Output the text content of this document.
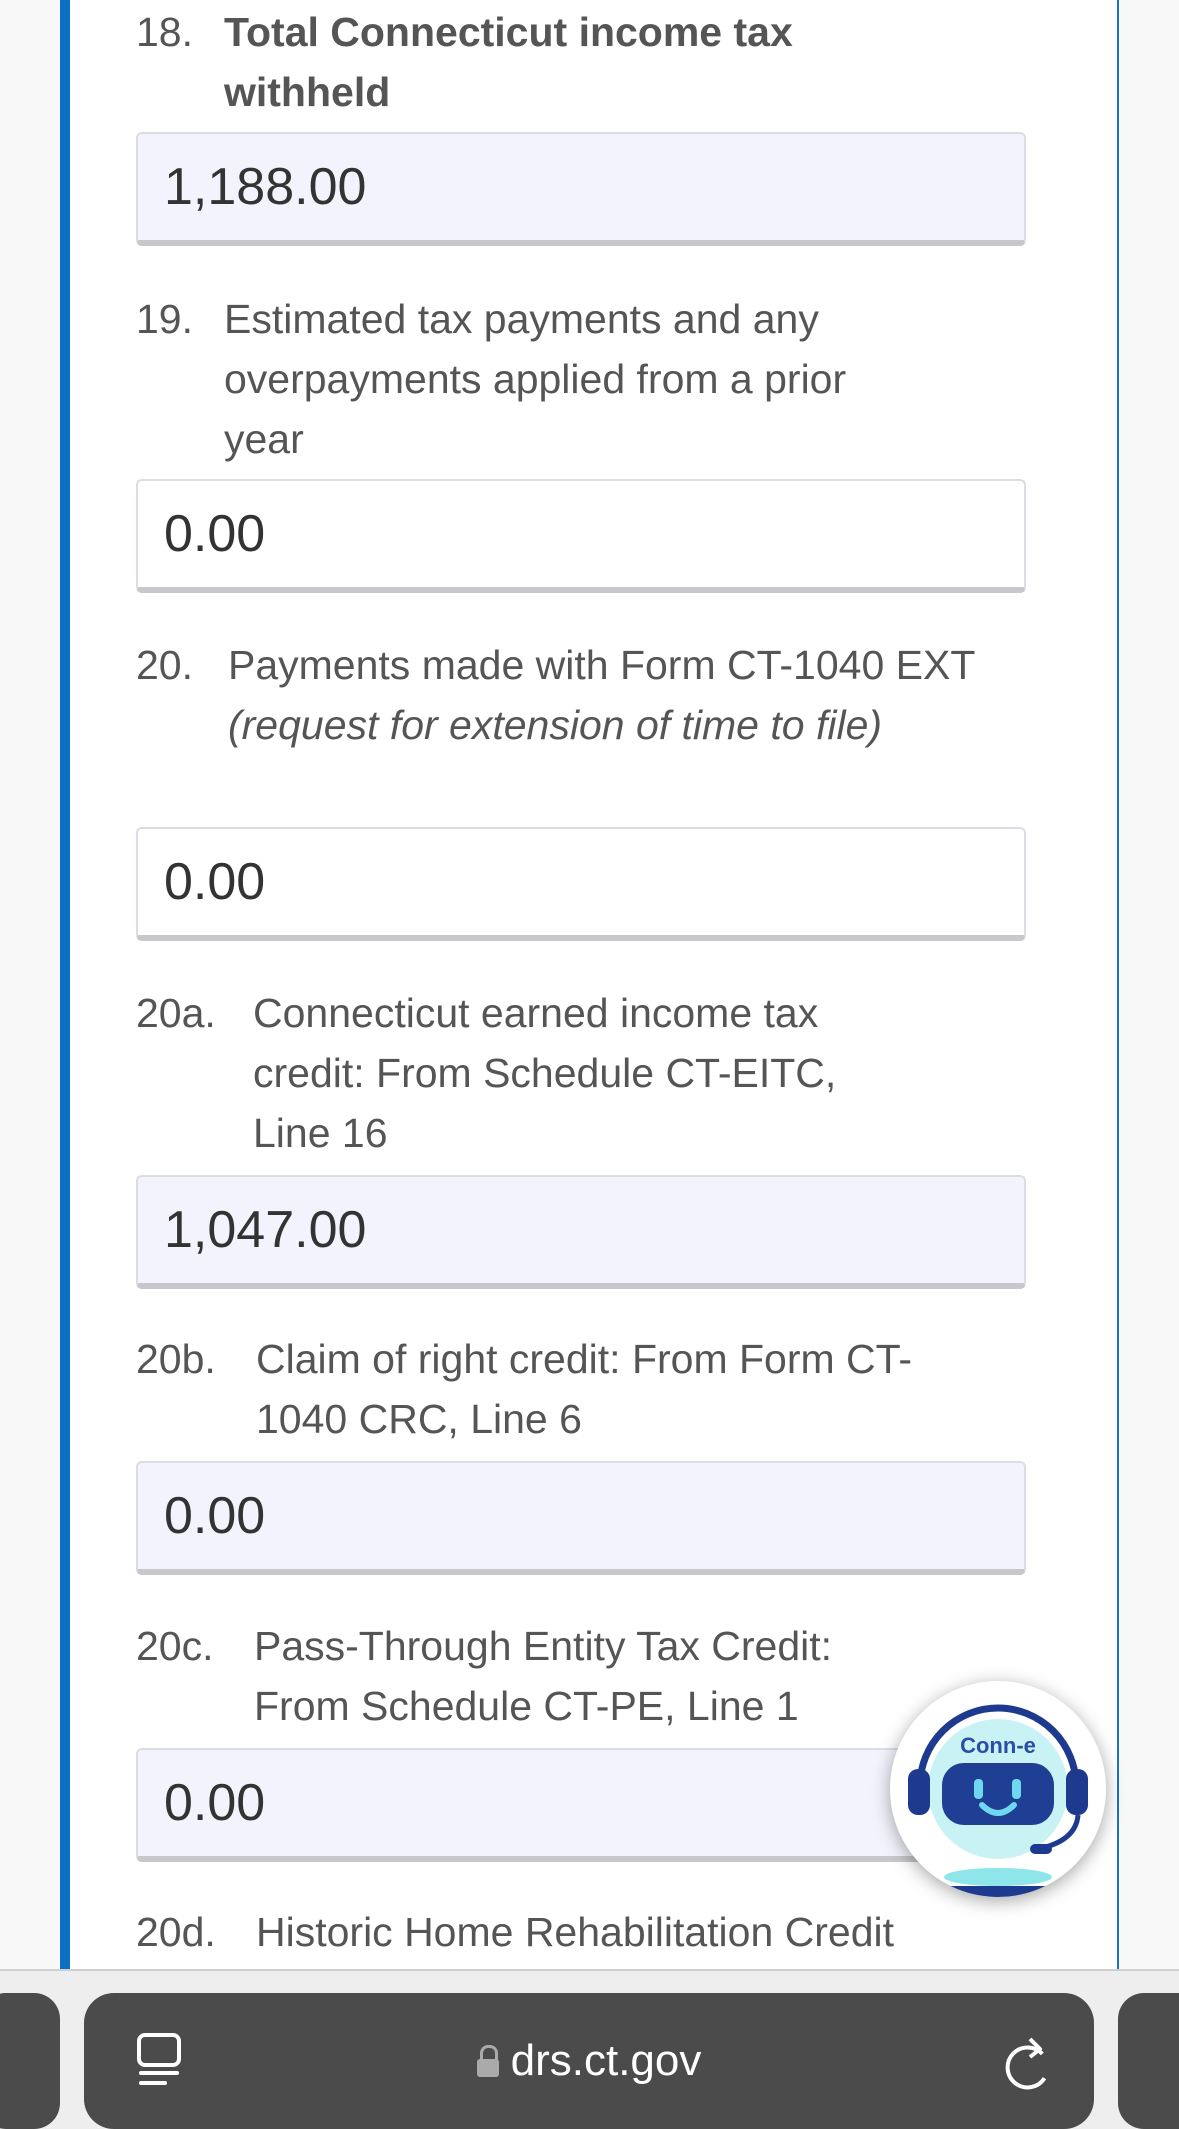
18. Total Connecticut income tax withheld
1,188.00
19. Estimated tax payments and any overpayments applied from a prior year
0.00
20. Payments made with Form CT-1040 EXT (request for extension of time to file)
0.00
20a. Connecticut earned income tax credit: From Schedule CT-EITC, Line 16
1,047.00
20b. Claim of right credit: From Form CT-1040 CRC, Line 6
0.00
20c. Pass-Through Entity Tax Credit: From Schedule CT-PE, Line 1
0.00
20d. Historic Home Rehabilitation Credit
Conn-e
drs.ct.gov
